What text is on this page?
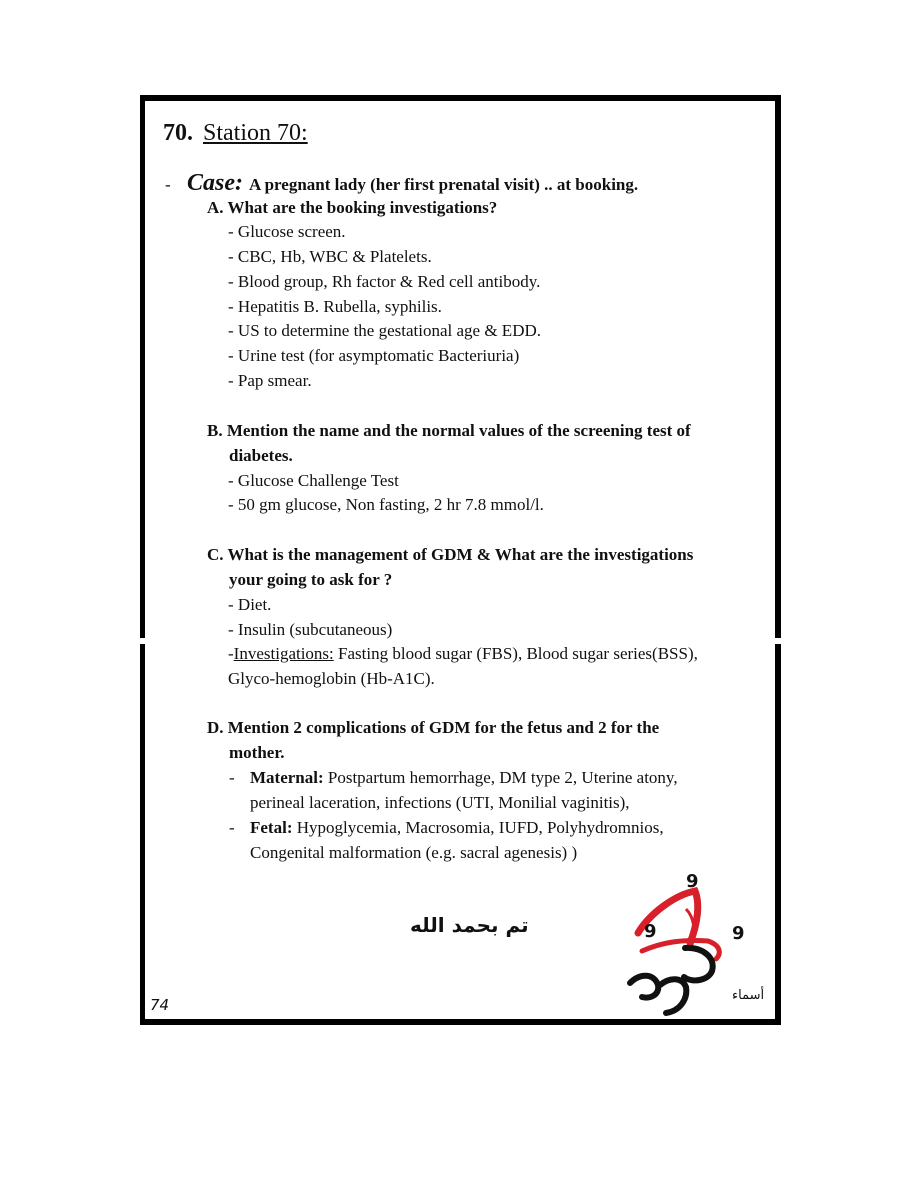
70. Station 70:
- Case: A pregnant lady (her first prenatal visit) .. at booking.
A. What are the booking investigations?
- Glucose screen.
- CBC, Hb, WBC & Platelets.
- Blood group, Rh factor & Red cell antibody.
- Hepatitis B. Rubella, syphilis.
- US to determine the gestational age & EDD.
- Urine test (for asymptomatic Bacteriuria)
- Pap smear.
B. Mention the name and the normal values of the screening test of
diabetes.
- Glucose Challenge Test
- 50 gm glucose, Non fasting, 2 hr 7.8 mmol/l.
C. What is the management of GDM & What are the investigations
your going to ask for ?
- Diet.
- Insulin (subcutaneous)
-Investigations: Fasting blood sugar (FBS), Blood sugar series(BSS),
Glyco-hemoglobin (Hb-A1C).
D. Mention 2 complications of GDM for the fetus and 2 for the
mother.
- Maternal: Postpartum hemorrhage, DM type 2, Uterine atony,
perineal laceration, infections (UTI, Monilial vaginitis),
- Fetal: Hypoglycemia, Macrosomia, IUFD, Polyhydromnios,
Congenital malformation (e.g. sacral agenesis) )
تم بحمد الله
74
9
9	9
أسماء
